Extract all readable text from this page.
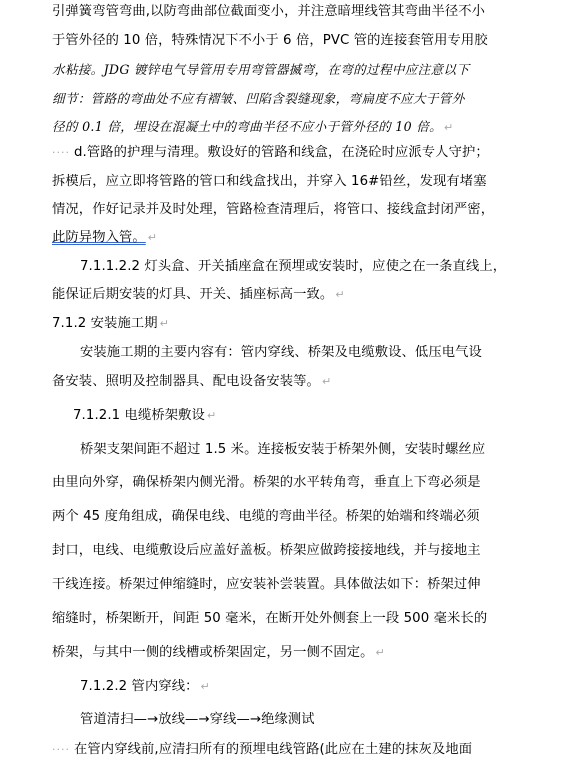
引弹簧弯管弯曲,以防弯曲部位截面变小，并注意暗埋线管其弯曲半径不小
于管外径的 10 倍，特殊情况下不小于 6 倍，PVC 管的连接套管用专用胶
水粘接。JDG 镀锌电气导管用专用弯管器揻弯，在弯的过程中应注意以下
细节：管路的弯曲处不应有褶皱、凹陷含裂缝现象，弯扁度不应大于管外
径的 0.1 倍，埋设在混凝土中的弯曲半径不应小于管外径的 10 倍。 ↵
···· d.管路的护理与清理。敷设好的管路和线盒，在浇砼时应派专人守护；
拆模后，应立即将管路的管口和线盒找出，并穿入 16#铅丝，发现有堵塞
情况，作好记录并及时处理，管路检查清理后，将管口、接线盒封闭严密，
此防异物入管。 ↵
7.1.1.2.2 灯头盒、开关插座盒在预埋或安装时，应使之在一条直线上，
能保证后期安装的灯具、开关、插座标高一致。 ↵
7.1.2 安装施工期 ↵
安装施工期的主要内容有：管内穿线、桥架及电缆敷设、低压电气设
备安装、照明及控制器具、配电设备安装等。 ↵
7.1.2.1 电缆桥架敷设 ↵
桥架支架间距不超过 1.5 米。连接板安装于桥架外侧，安装时螺丝应
由里向外穿，确保桥架内侧光滑。桥架的水平转角弯，垂直上下弯必须是
两个 45 度角组成，确保电线、电缆的弯曲半径。桥架的始端和终端必须
封口，电线、电缆敷设后应盖好盖板。桥架应做跨接接地线，并与接地主
干线连接。桥架过伸缩缝时，应安装补尝装置。具体做法如下：桥架过伸
缩缝时，桥架断开，间距 50 毫米，在断开处外侧套上一段 500 毫米长的
桥架，与其中一侧的线槽或桥架固定，另一侧不固定。 ↵
7.1.2.2 管内穿线： ↵
管道清扫—→放线—→穿线—→绝缘测试
···· 在管内穿线前,应清扫所有的预埋电线管路(此应在土建的抹灰及地面
